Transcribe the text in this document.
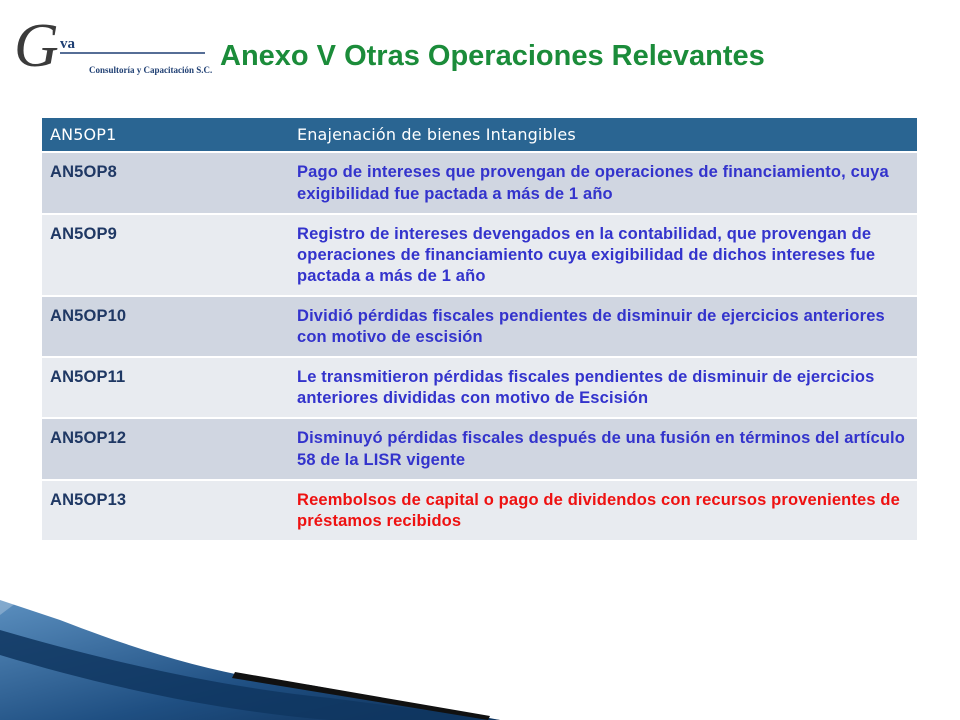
G va
Consultoría y Capacitación S.C. Anexo V Otras Operaciones Relevantes
AN5OP1	Enajenación de bienes Intangibles
AN5OP8	Pago de intereses que provengan de operaciones de financiamiento, cuya exigibilidad fue pactada a más de 1 año
AN5OP9	Registro de intereses devengados en la contabilidad, que provengan de operaciones de financiamiento cuya exigibilidad de dichos intereses fue pactada a más de 1 año
AN5OP10	Dividió pérdidas fiscales pendientes de disminuir de ejercicios anteriores con motivo de escisión
AN5OP11	Le transmitieron pérdidas fiscales pendientes de disminuir de ejercicios anteriores divididas con motivo de Escisión
AN5OP12	Disminuyó pérdidas fiscales después de una fusión en términos del artículo 58 de la LISR vigente
AN5OP13	Reembolsos de capital o pago de dividendos con recursos provenientes de préstamos recibidos
